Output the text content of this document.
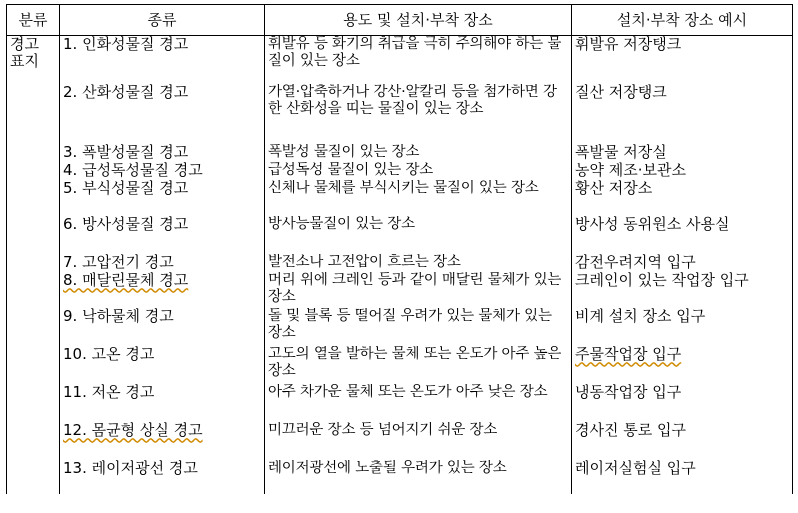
분류	종류	용도 및 설치·부착 장소	설치·부착 장소 예시
경고
표지	1. 인화성물질 경고	휘발유 등 화기의 취급을 극히 주의해야 하는 물질이 있는 장소	휘발유 저장탱크
	2. 산화성물질 경고	가열·압축하거나 강산·알칼리 등을 첨가하면 강한 산화성을 띠는 물질이 있는 장소	질산 저장탱크
	3. 폭발성물질 경고	폭발성 물질이 있는 장소	폭발물 저장실
	4. 급성독성물질 경고	급성독성 물질이 있는 장소	농약 제조·보관소
	5. 부식성물질 경고	신체나 물체를 부식시키는 물질이 있는 장소	황산 저장소
	6. 방사성물질 경고	방사능물질이 있는 장소	방사성 동위원소 사용실
	7. 고압전기 경고	발전소나 고전압이 흐르는 장소	감전우려지역 입구
	8. 매달린물체 경고	머리 위에 크레인 등과 같이 매달린 물체가 있는 장소	크레인이 있는 작업장 입구
	9. 낙하물체 경고	돌 및 블록 등 떨어질 우려가 있는 물체가 있는 장소	비계 설치 장소 입구
	10. 고온 경고	고도의 열을 발하는 물체 또는 온도가 아주 높은 장소	주물작업장 입구
	11. 저온 경고	아주 차가운 물체 또는 온도가 아주 낮은 장소	냉동작업장 입구
	12. 몸균형 상실 경고	미끄러운 장소 등 넘어지기 쉬운 장소	경사진 통로 입구
	13. 레이저광선 경고	레이저광선에 노출될 우려가 있는 장소	레이저실험실 입구
